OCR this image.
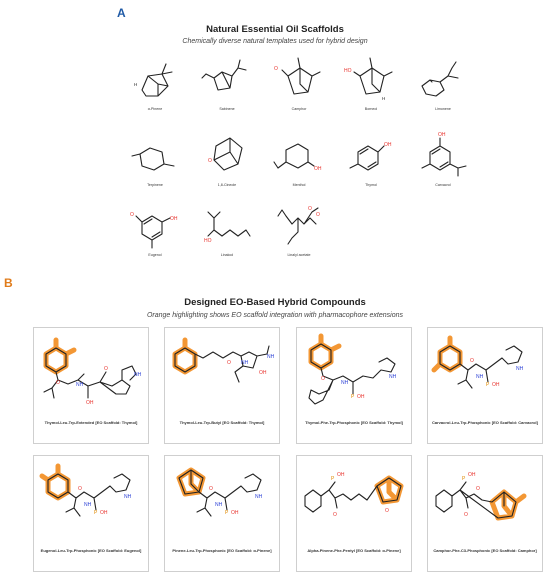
A
Natural Essential Oil Scaffolds
Chemically diverse natural templates used for hybrid design
H
α-Pinene	Sabinene
O
Camphor
HO
H
Borneol	Limonene
Terpinene
O
1,8-Cineole
OH
Menthol
OH
Thymol
OH
Carvacrol
O
OH
Eugenol
HO
Linalool
O
O
Linalyl acetate
B
Designed EO-Based Hybrid Compounds
Orange highlighting shows EO scaffold integration with pharmacophore extensions
O	NH
OH
O
NH
Thymol-Leu-Trp-Extended [EO Scaffold: Thymol]
O NH
OH
NH
Thymol-Leu-Trp-Butyl [EO Scaffold: Thymol]
O
NH
P OH
NH
Thymol-Phe-Trp-Phosphonic [EO Scaffold: Thymol]
O
NH
P OH
NH
Carvacrol-Leu-Trp-Phosphonic [EO Scaffold: Carvacrol]
O
NH
P OH
NH
Eugenol-Leu-Trp-Phosphonic [EO Scaffold: Eugenol]
O
NH
P OH
NH
Pinene-Leu-Trp-Phosphonic [EO Scaffold: α-Pinene]
P
OH
O
O
Alpha-Pinene-Phe-Pentyl [EO Scaffold: α-Pinene]
P
OH
O
O
Camphor-Phe-C3-Phosphonic [EO Scaffold: Camphor]
